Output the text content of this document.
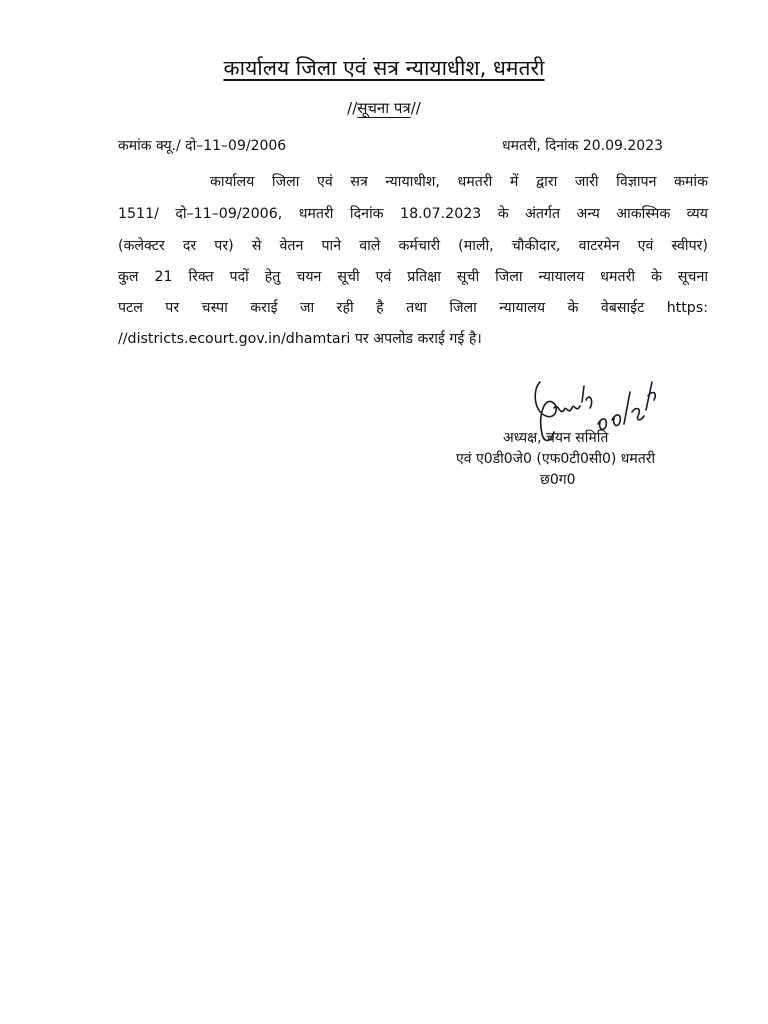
कार्यालय जिला एवं सत्र न्यायाधीश, धमतरी
//सूचना पत्र//
कमांक क्यू./ दो–11–09/2006	धमतरी, दिनांक 20.09.2023
कार्यालय जिला एवं सत्र न्यायाधीश, धमतरी में द्वारा जारी विज्ञापन कमांक
1511/ दो–11–09/2006, धमतरी दिनांक 18.07.2023 के अंतर्गत अन्य आकस्मिक व्यय
(कलेक्टर दर पर) से वेतन पाने वाले कर्मचारी (माली, चौकीदार, वाटरमेन एवं स्वीपर)
कुल 21 रिक्त पदों हेतु चयन सूची एवं प्रतिक्षा सूची जिला न्यायालय धमतरी के सूचना
पटल पर चस्पा कराई जा रही है तथा जिला न्यायालय के वेबसाईट https:
//districts.ecourt.gov.in/dhamtari पर अपलोड कराई गई है।
अध्यक्ष, चयन समिति
एवं ए0डी0जे0 (एफ0टी0सी0) धमतरी
छ0ग0
